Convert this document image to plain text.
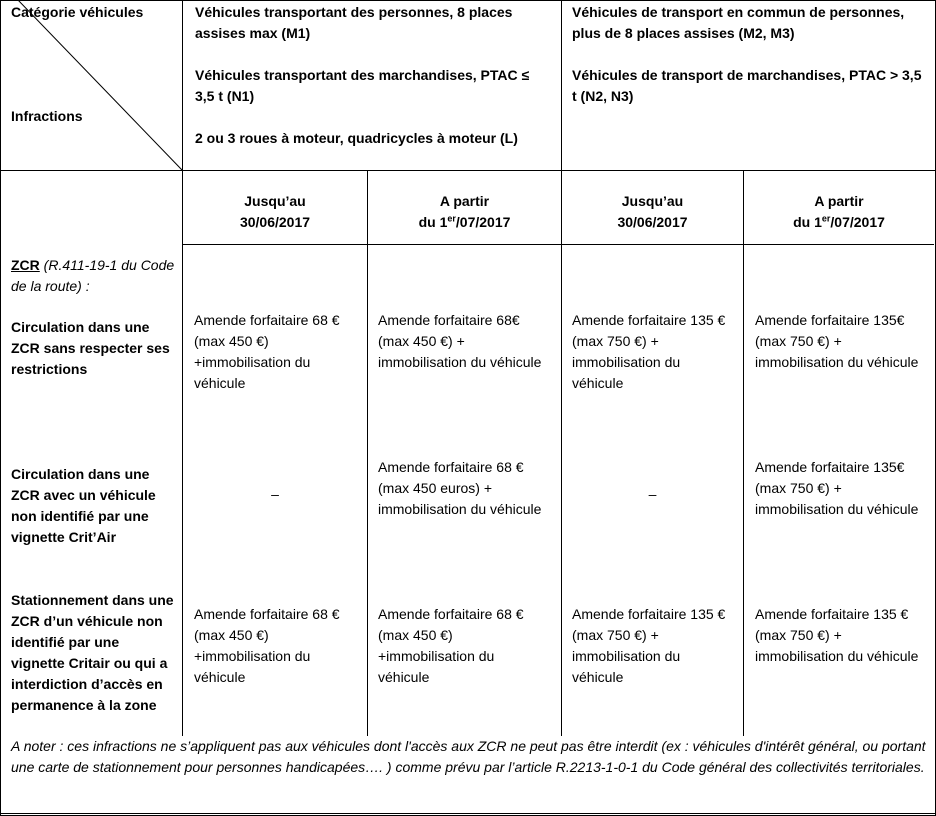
Catégorie véhicules
Infractions

Véhicules transportant des personnes, 8 places assises max (M1)

Véhicules transportant des marchandises, PTAC ≤ 3,5 t (N1)

2 ou 3 roues à moteur, quadricycles à moteur (L)

Véhicules de transport en commun de personnes, plus de 8 places assises (M2, M3)

Véhicules de transport de marchandises, PTAC > 3,5 t (N2, N3)

Jusqu’au

30/06/2017

A partir

du 1er/07/2017

Jusqu’au

30/06/2017

A partir

du 1er/07/2017

ZCR (R.411-19-1 du Code de la route) :
Circulation dans une ZCR sans respecter ses restrictions
Amende forfaitaire 68 € (max 450 €) +immobilisation du véhicule
Amende forfaitaire 68€ (max 450 €) + immobilisation du véhicule
Amende forfaitaire 135 € (max 750 €) + immobilisation du véhicule
Amende forfaitaire 135€ (max 750 €) + immobilisation du véhicule
Circulation dans une ZCR avec un véhicule non identifié par une vignette Crit’Air
–
Amende forfaitaire 68 € (max 450 euros) + immobilisation du véhicule
–
Amende forfaitaire 135€ (max 750 €) + immobilisation du véhicule
Stationnement dans une ZCR d’un véhicule non identifié par une vignette Critair ou qui a interdiction d’accès en permanence à la zone
Amende forfaitaire 68 € (max 450 €) +immobilisation du véhicule
Amende forfaitaire 68 € (max 450 €) +immobilisation du véhicule
Amende forfaitaire 135 € (max 750 €) + immobilisation du véhicule
Amende forfaitaire 135 € (max 750 €) + immobilisation du véhicule
A noter : ces infractions ne s’appliquent pas aux véhicules dont l'accès aux ZCR ne peut pas être interdit (ex : véhicules d'intérêt général, ou portant une carte de stationnement pour personnes handicapées…. ) comme prévu par l’article R.2213-1-0-1 du Code général des collectivités territoriales.
